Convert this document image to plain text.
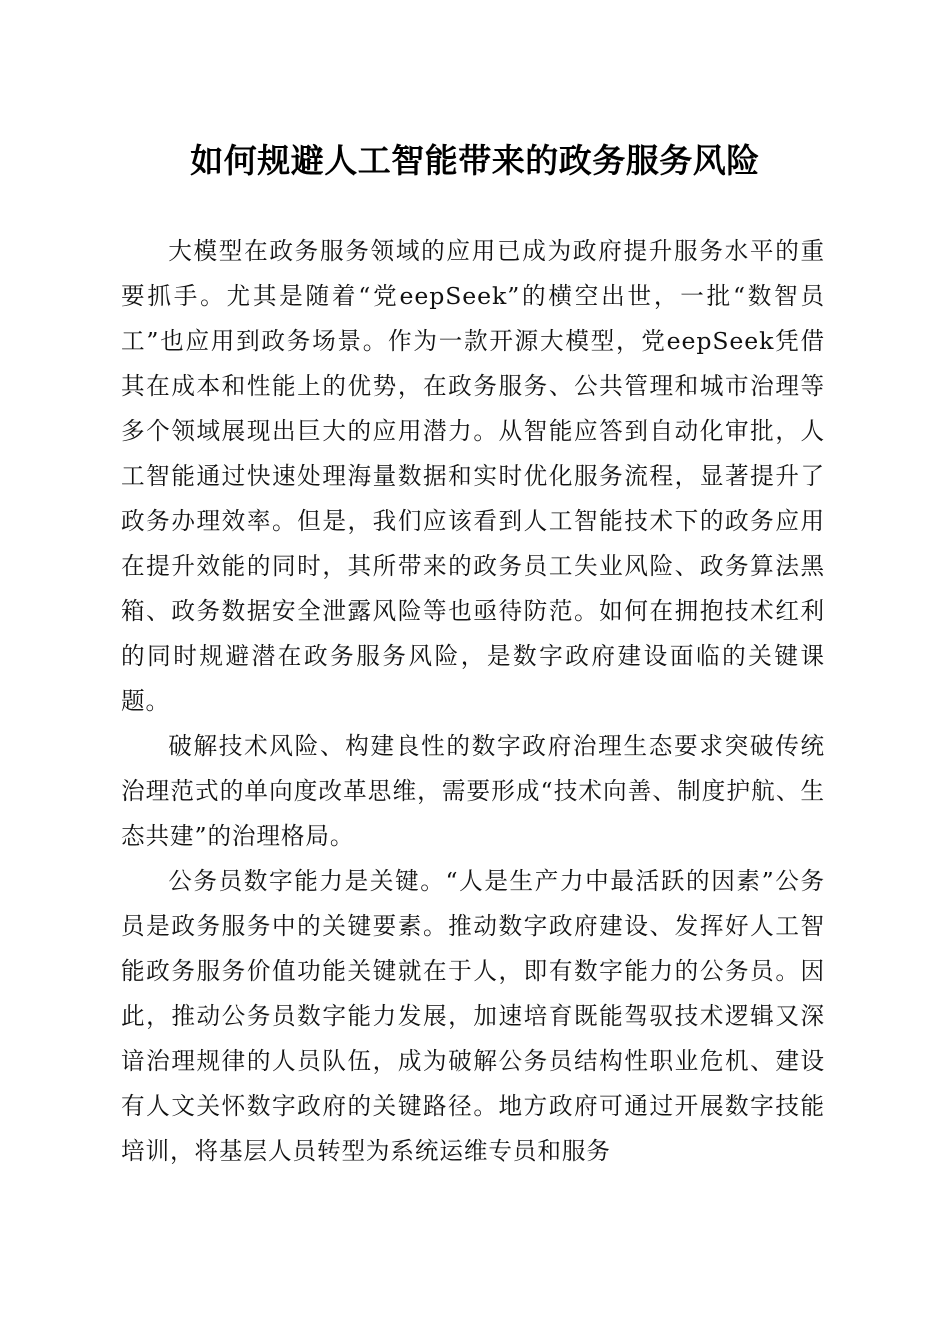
如何规避人工智能带来的政务服务风险

大模型在政务服务领域的应用已成为政府提升服务水平的重要抓手。尤其是随着“党eepSeek”的横空出世，一批“数智员工”也应用到政务场景。作为一款开源大模型，党eepSeek凭借其在成本和性能上的优势，在政务服务、公共管理和城市治理等多个领域展现出巨大的应用潜力。从智能应答到自动化审批，人工智能通过快速处理海量数据和实时优化服务流程，显著提升了政务办理效率。但是，我们应该看到人工智能技术下的政务应用在提升效能的同时，其所带来的政务员工失业风险、政务算法黑箱、政务数据安全泄露风险等也亟待防范。如何在拥抱技术红利的同时规避潜在政务服务风险，是数字政府建设面临的关键课题。

破解技术风险、构建良性的数字政府治理生态要求突破传统治理范式的单向度改革思维，需要形成“技术向善、制度护航、生态共建”的治理格局。

公务员数字能力是关键。“人是生产力中最活跃的因素”公务员是政务服务中的关键要素。推动数字政府建设、发挥好人工智能政务服务价值功能关键就在于人，即有数字能力的公务员。因此，推动公务员数字能力发展，加速培育既能驾驭技术逻辑又深谙治理规律的人员队伍，成为破解公务员结构性职业危机、建设有人文关怀数字政府的关键路径。地方政府可通过开展数字技能培训，将基层人员转型为系统运维专员和服务
